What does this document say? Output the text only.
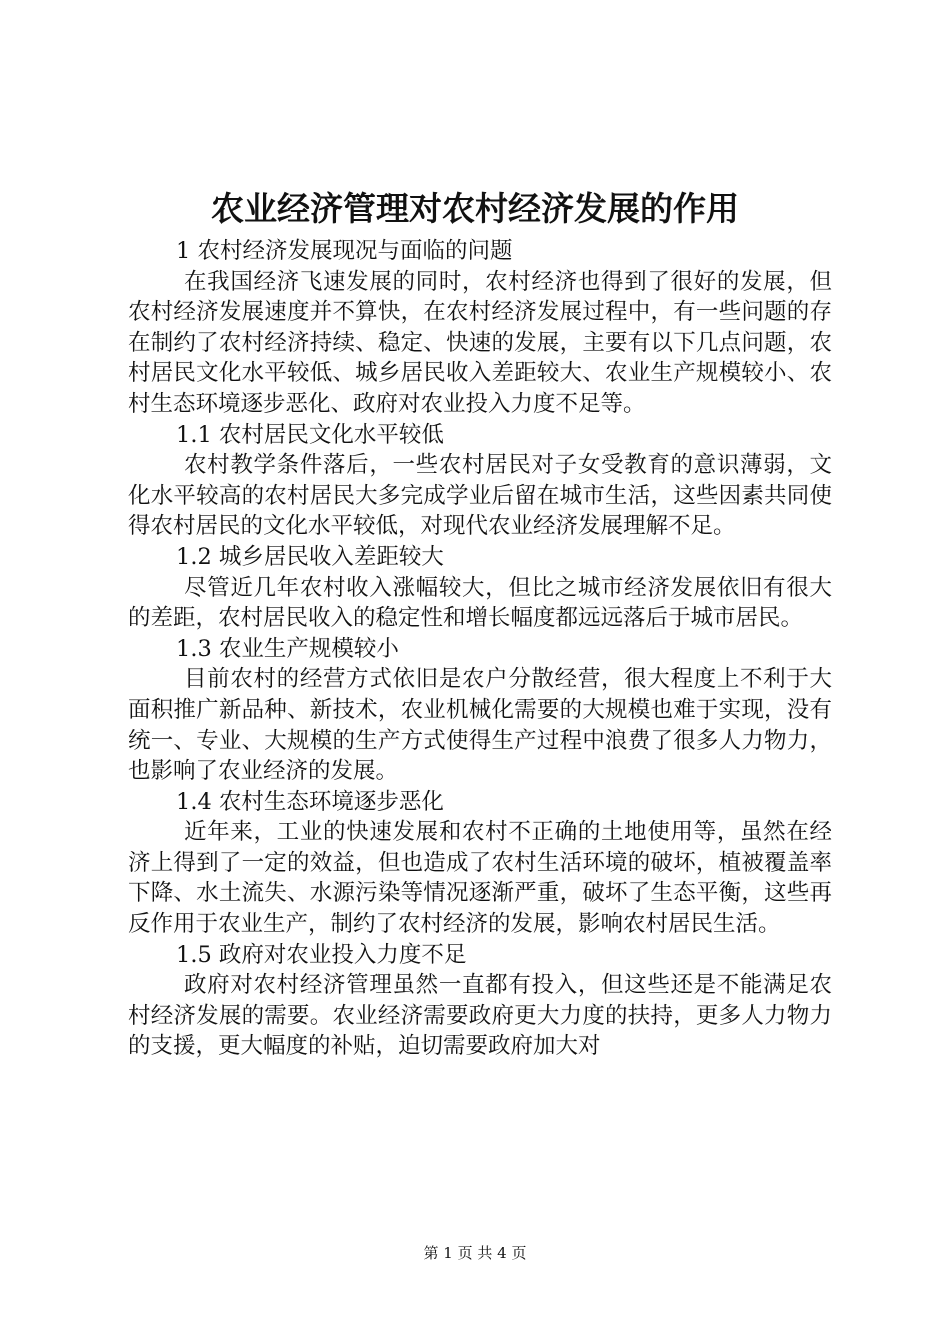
农业经济管理对农村经济发展的作用

1 农村经济发展现况与面临的问题

在我国经济飞速发展的同时，农村经济也得到了很好的发展，但农村经济发展速度并不算快，在农村经济发展过程中，有一些问题的存在制约了农村经济持续、稳定、快速的发展，主要有以下几点问题，农村居民文化水平较低、城乡居民收入差距较大、农业生产规模较小、农村生态环境逐步恶化、政府对农业投入力度不足等。

1.1 农村居民文化水平较低

农村教学条件落后，一些农村居民对子女受教育的意识薄弱，文化水平较高的农村居民大多完成学业后留在城市生活，这些因素共同使得农村居民的文化水平较低，对现代农业经济发展理解不足。

1.2 城乡居民收入差距较大

尽管近几年农村收入涨幅较大，但比之城市经济发展依旧有很大的差距，农村居民收入的稳定性和增长幅度都远远落后于城市居民。

1.3 农业生产规模较小

目前农村的经营方式依旧是农户分散经营，很大程度上不利于大面积推广新品种、新技术，农业机械化需要的大规模也难于实现，没有统一、专业、大规模的生产方式使得生产过程中浪费了很多人力物力，也影响了农业经济的发展。

1.4 农村生态环境逐步恶化

近年来，工业的快速发展和农村不正确的土地使用等，虽然在经济上得到了一定的效益，但也造成了农村生活环境的破坏，植被覆盖率下降、水土流失、水源污染等情况逐渐严重，破坏了生态平衡，这些再反作用于农业生产，制约了农村经济的发展，影响农村居民生活。

1.5 政府对农业投入力度不足

政府对农村经济管理虽然一直都有投入，但这些还是不能满足农村经济发展的需要。农业经济需要政府更大力度的扶持，更多人力物力的支援，更大幅度的补贴，迫切需要政府加大对

第 1 页 共 4 页
